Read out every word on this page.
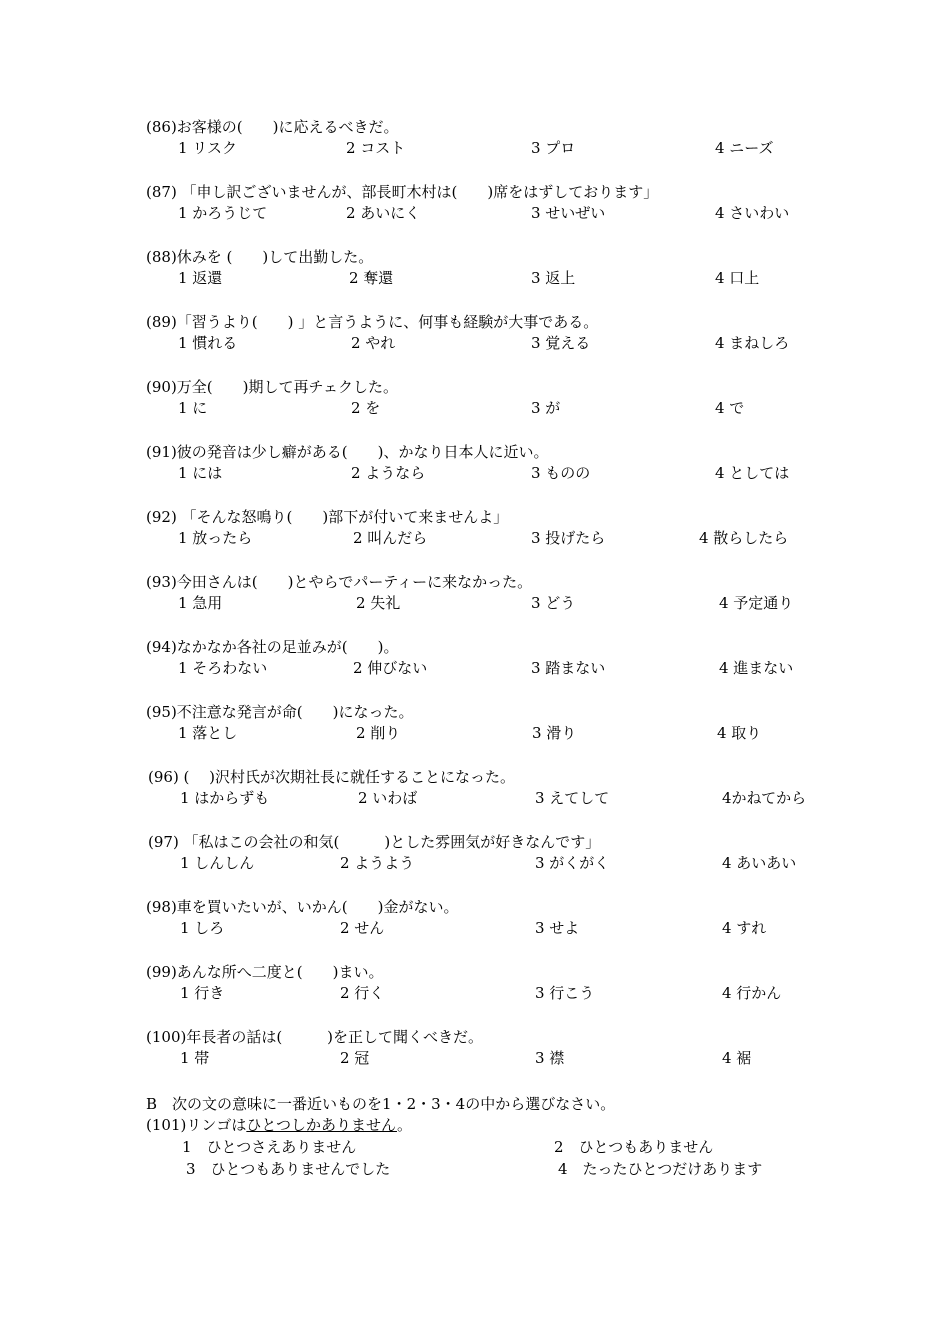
(86)お客様の(　　)に応えるべきだ。
1 リスク	2 コスト	3 プロ	4 ニーズ
(87) 「申し訳ございませんが、部長町木村は(　　)席をはずしております」
1 かろうじて	2 あいにく	3 せいぜい	4 さいわい
(88)休みを (　　)して出勤した。
1 返還	2 奪還	3 返上	4 口上
(89)「習うより(　　) 」と言うように、何事も経験が大事である。
1 慣れる	2 やれ	3 覚える	4 まねしろ
(90)万全(　　)期して再チェクした。
1 に	2 を	3 が	4 で
(91)彼の発音は少し癖がある(　　)、かなり日本人に近い。
1 には	2 ようなら	3 ものの	4 としては
(92) 「そんな怒鳴り(　　)部下が付いて来ませんよ」
1 放ったら	2 叫んだら	3 投げたら	4 散らしたら
(93)今田さんは(　　)とやらでパーティーに来なかった。
1 急用	2 失礼	3 どう	4 予定通り
(94)なかなか各社の足並みが(　　)。
1 そろわない	2 伸びない	3 踏まない	4 進まない
(95)不注意な発言が命(　　)になった。
1 落とし	2 削り	3 滑り	4 取り
(96) (　 )沢村氏が次期社長に就任することになった。
1 はからずも	2 いわば	3 えてして	4かねてから
(97) 「私はこの会社の和気(　　　)とした雰囲気が好きなんです」
1 しんしん	2 ようよう	3 がくがく	4 あいあい
(98)車を買いたいが、いかん(　　)金がない。
1 しろ	2 せん	3 せよ	4 すれ
(99)あんな所へ二度と(　　)まい。
1 行き	2 行く	3 行こう	4 行かん
(100)年長者の話は(　　　)を正して聞くべきだ。
1 帯	2 冠	3 襟	4 裾
B　次の文の意味に一番近いものを1・2・3・4の中から選びなさい。
(101)リンゴはひとつしかありません。
1　ひとつさえありません	2　ひとつもありません
3　ひとつもありませんでした	4　たったひとつだけあります
